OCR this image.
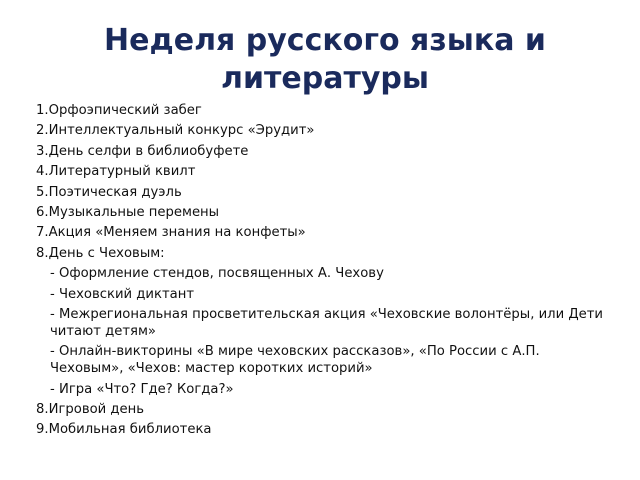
Неделя русского языка и литературы
1.Орфоэпический забег
2.Интеллектуальный конкурс «Эрудит»
3.День селфи в библиобуфете
4.Литературный квилт
5.Поэтическая дуэль
6.Музыкальные перемены
7.Акция «Меняем знания на конфеты»
8.День с Чеховым:
- Оформление стендов, посвященных А. Чехову
- Чеховский диктант
- Межрегиональная просветительская акция «Чеховские волонтёры, или Дети читают детям»
- Онлайн-викторины «В мире чеховских рассказов», «По России с А.П. Чеховым», «Чехов: мастер коротких историй»
- Игра «Что? Где? Когда?»
8.Игровой день
9.Мобильная библиотека
